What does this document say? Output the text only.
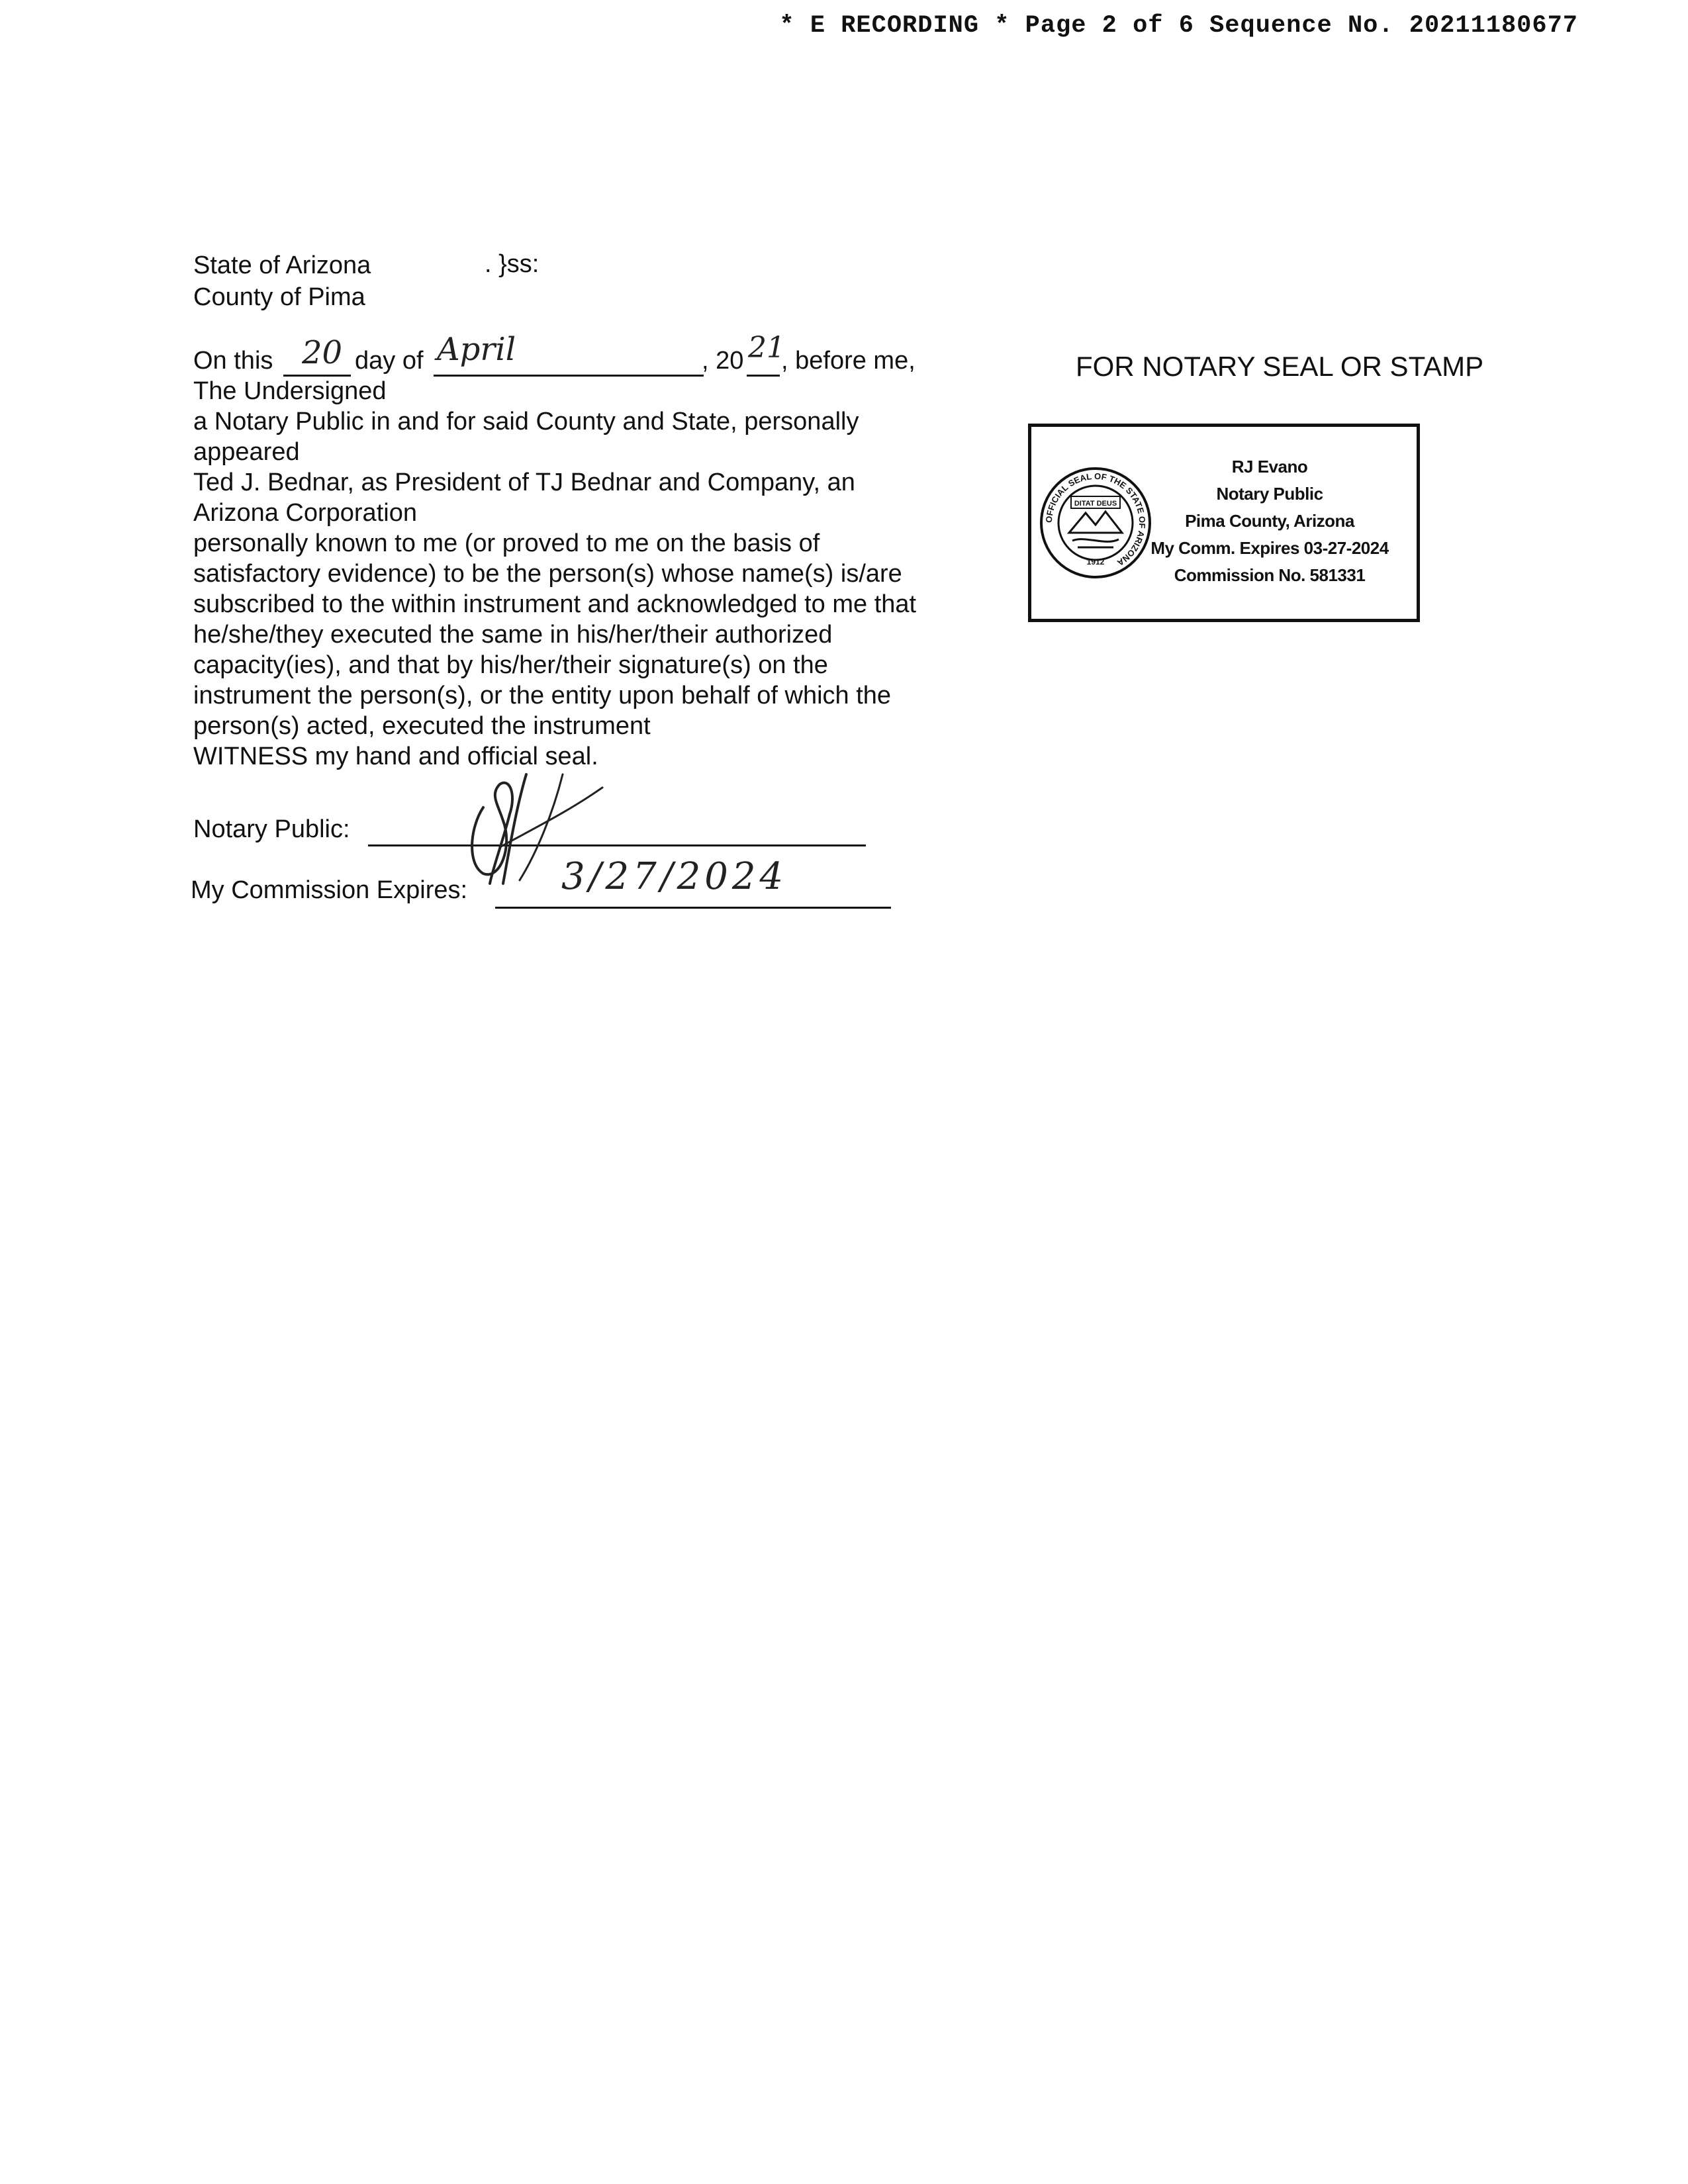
* E RECORDING * Page 2 of 6 Sequence No. 20211180677
State of Arizona	. }ss:
County of Pima
On this 20 day of April	, 20 21
, before me,
The Undersigned
a Notary Public in and for said County and State, personally
appeared
Ted J. Bednar, as President of TJ Bednar and Company, an
Arizona Corporation
personally known to me (or proved to me on the basis of
satisfactory evidence) to be the person(s) whose name(s) is/are
subscribed to the within instrument and acknowledged to me that
he/she/they executed the same in his/her/their authorized
capacity(ies), and that by his/her/their signature(s) on the
instrument the person(s), or the entity upon behalf of which the
person(s) acted, executed the instrument
WITNESS my hand and official seal.
Notary Public:
My Commission Expires:	3/27/2024
FOR NOTARY SEAL OR STAMP
OFFICIAL SEAL OF THE STATE OF ARIZONA
DITAT DEUS
1912
RJ Evano
Notary Public
Pima County, Arizona
My Comm. Expires 03-27-2024
Commission No. 581331
